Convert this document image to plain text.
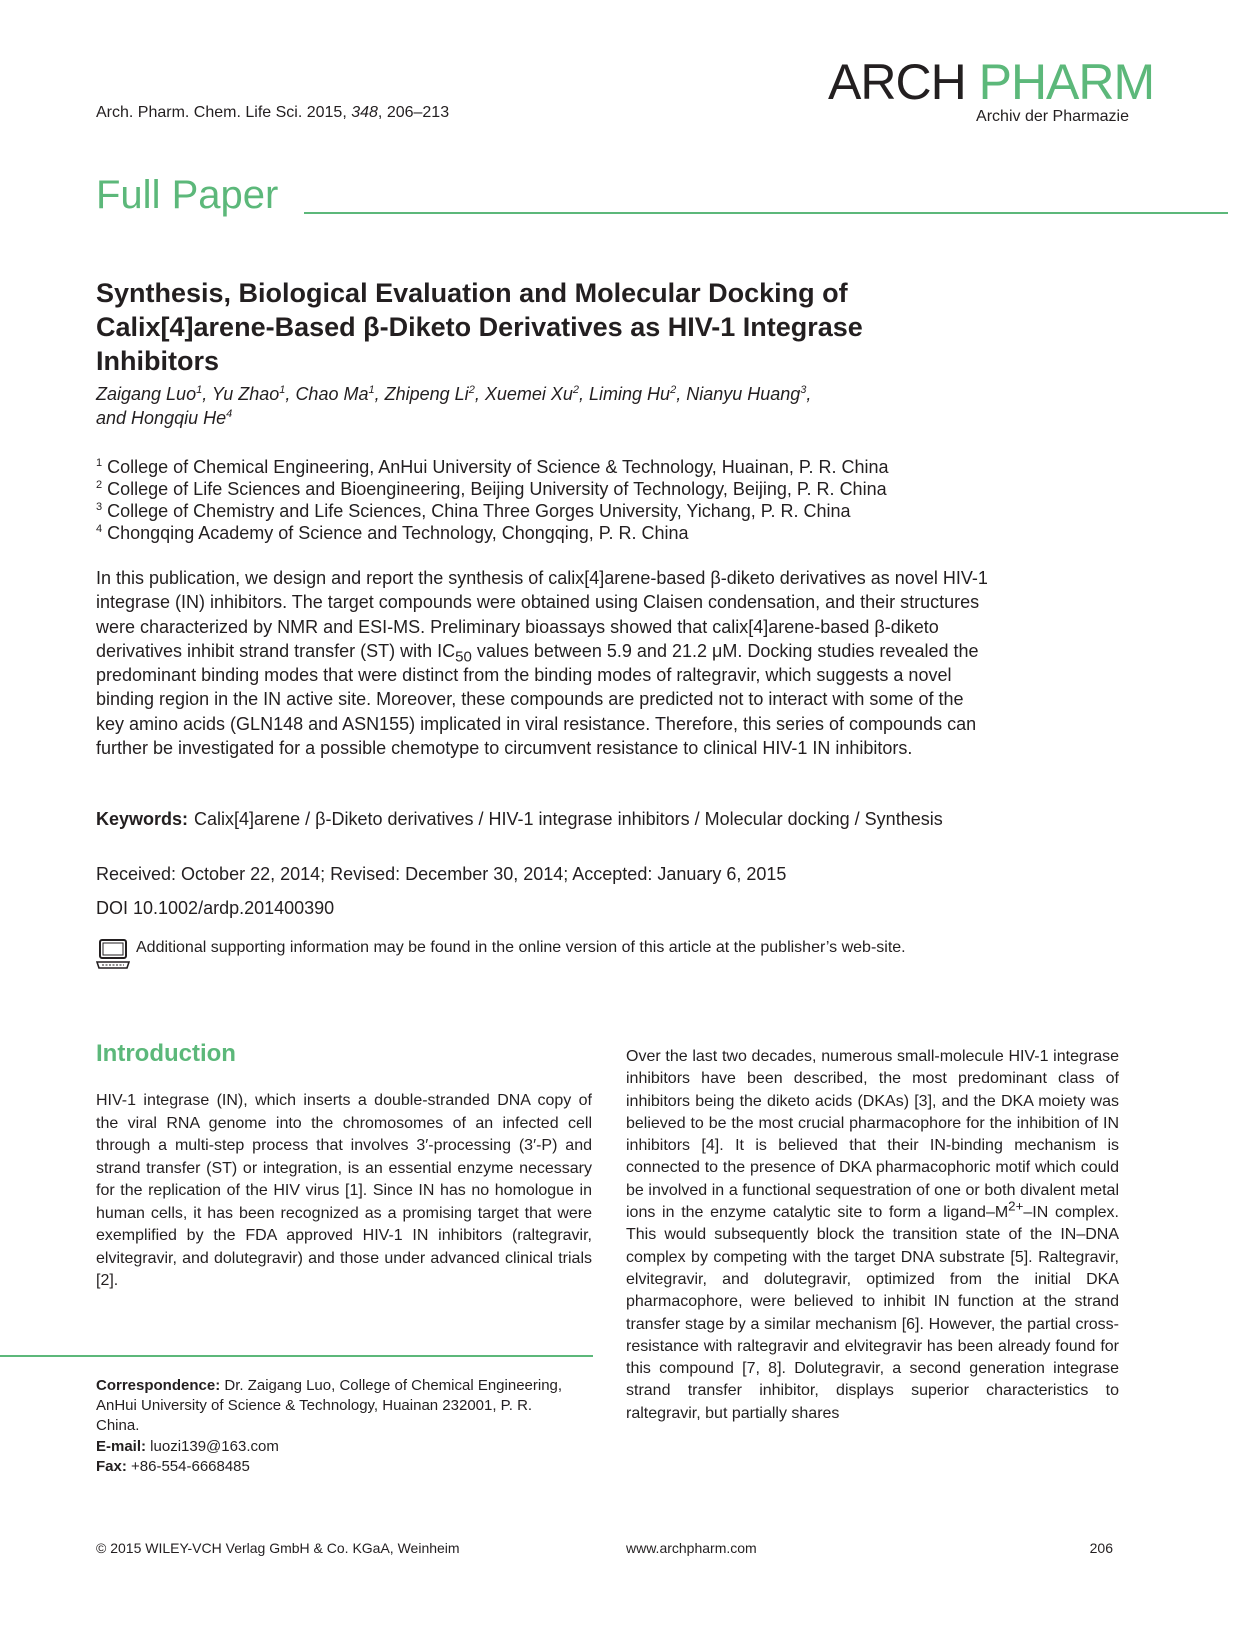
Arch. Pharm. Chem. Life Sci. 2015, 348, 206–213
ARCH PHARM
Archiv der Pharmazie
Full Paper
Synthesis, Biological Evaluation and Molecular Docking of Calix[4]arene-Based β-Diketo Derivatives as HIV-1 Integrase Inhibitors
Zaigang Luo$^1$, Yu Zhao$^1$, Chao Ma$^1$, Zhipeng Li$^2$, Xuemei Xu$^2$, Liming Hu$^2$, Nianyu Huang$^3$,
and Hongqiu He$^4$
$^1$ College of Chemical Engineering, AnHui University of Science & Technology, Huainan, P. R. China
$^2$ College of Life Sciences and Bioengineering, Beijing University of Technology, Beijing, P. R. China
$^3$ College of Chemistry and Life Sciences, China Three Gorges University, Yichang, P. R. China
$^4$ Chongqing Academy of Science and Technology, Chongqing, P. R. China
In this publication, we design and report the synthesis of calix[4]arene-based β-diketo derivatives as novel HIV-1 integrase (IN) inhibitors. The target compounds were obtained using Claisen condensation, and their structures were characterized by NMR and ESI-MS. Preliminary bioassays showed that calix[4]arene-based β-diketo derivatives inhibit strand transfer (ST) with $IC_{50}$ values between 5.9 and 21.2 μM. Docking studies revealed the predominant binding modes that were distinct from the binding modes of raltegravir, which suggests a novel binding region in the IN active site. Moreover, these compounds are predicted not to interact with some of the key amino acids (GLN148 and ASN155) implicated in viral resistance. Therefore, this series of compounds can further be investigated for a possible chemotype to circumvent resistance to clinical HIV-1 IN inhibitors.
Keywords: Calix[4]arene / β-Diketo derivatives / HIV-1 integrase inhibitors / Molecular docking / Synthesis
Received: October 22, 2014; Revised: December 30, 2014; Accepted: January 6, 2015
DOI 10.1002/ardp.201400390
Additional supporting information may be found in the online version of this article at the publisher’s web-site.
Introduction
HIV-1 integrase (IN), which inserts a double-stranded DNA copy of the viral RNA genome into the chromosomes of an infected cell through a multi-step process that involves 3′-processing (3′-P) and strand transfer (ST) or integration, is an essential enzyme necessary for the replication of the HIV virus [1]. Since IN has no homologue in human cells, it has been recognized as a promising target that were exemplified by the FDA approved HIV-1 IN inhibitors (raltegravir, elvitegravir, and dolutegravir) and those under advanced clinical trials [2].
Correspondence: Dr. Zaigang Luo, College of Chemical Engineering, AnHui University of Science & Technology, Huainan 232001, P. R. China.
E-mail: luozi139@163.com
Fax: +86-554-6668485
Over the last two decades, numerous small-molecule HIV-1 integrase inhibitors have been described, the most predominant class of inhibitors being the diketo acids (DKAs) [3], and the DKA moiety was believed to be the most crucial pharmacophore for the inhibition of IN inhibitors [4]. It is believed that their IN-binding mechanism is connected to the presence of DKA pharmacophoric motif which could be involved in a functional sequestration of one or both divalent metal ions in the enzyme catalytic site to form a ligand–$M^{2+}-IN$ complex. This would subsequently block the transition state of the IN–DNA complex by competing with the target DNA substrate [5]. Raltegravir, elvitegravir, and dolutegravir, optimized from the initial DKA pharmacophore, were believed to inhibit IN function at the strand transfer stage by a similar mechanism [6]. However, the partial cross-resistance with raltegravir and elvitegravir has been already found for this compound [7, 8]. Dolutegravir, a second generation integrase strand transfer inhibitor, displays superior characteristics to raltegravir, but partially shares
© 2015 WILEY-VCH Verlag GmbH & Co. KGaA, Weinheim	www.archpharm.com	206
